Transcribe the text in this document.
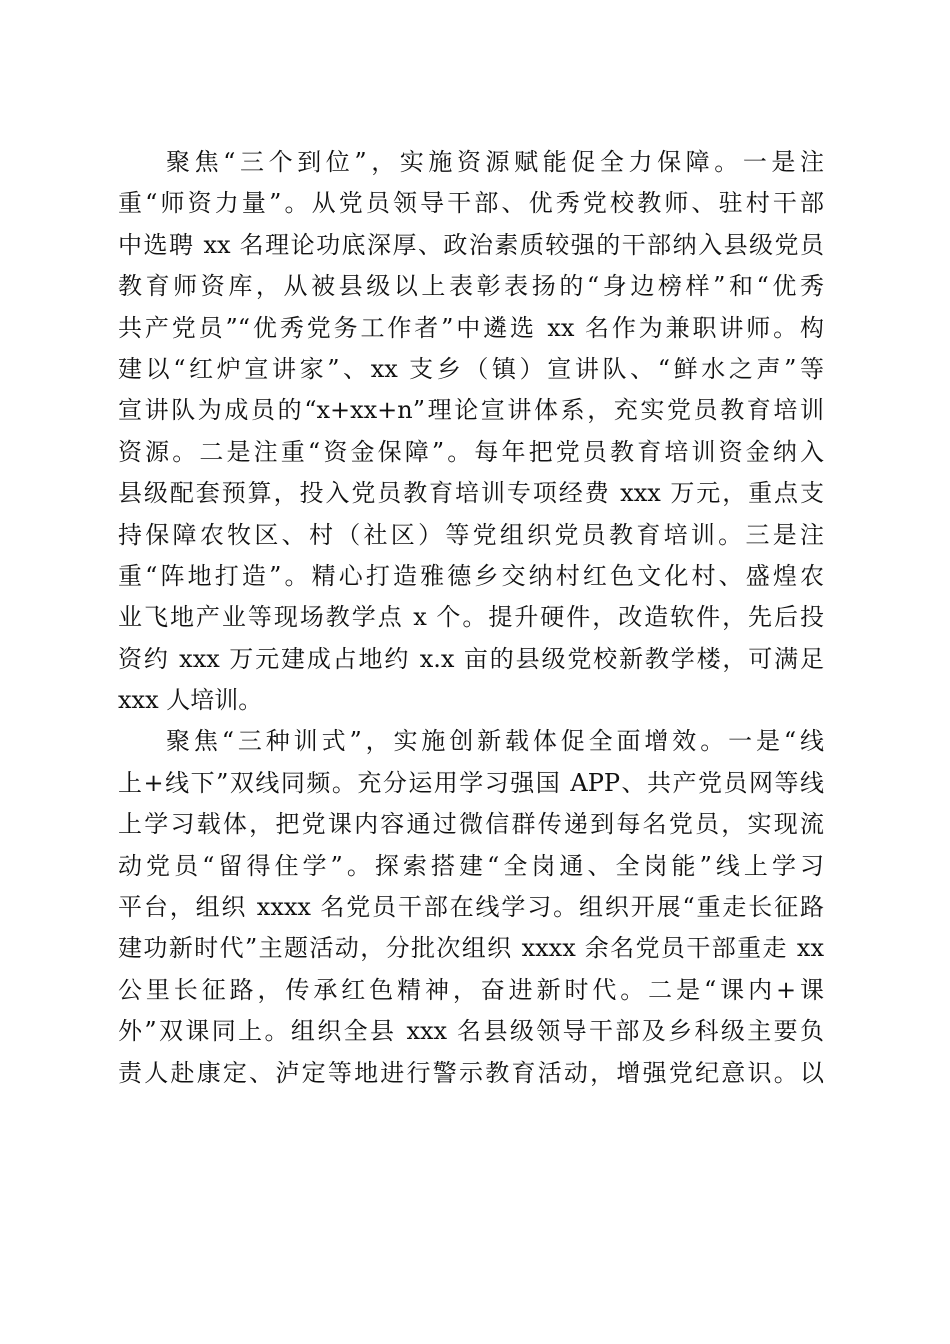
聚焦“三个到位”，实施资源赋能促全力保障。一是注
重“师资力量”。从党员领导干部、优秀党校教师、驻村干部
中选聘 xx 名理论功底深厚、政治素质较强的干部纳入县级党员
教育师资库，从被县级以上表彰表扬的“身边榜样”和“优秀
共产党员”“优秀党务工作者”中遴选 xx 名作为兼职讲师。构
建以“红炉宣讲家”、xx 支乡（镇）宣讲队、“鲜水之声”等
宣讲队为成员的“x+xx+n”理论宣讲体系，充实党员教育培训
资源。二是注重“资金保障”。每年把党员教育培训资金纳入
县级配套预算，投入党员教育培训专项经费 xxx 万元，重点支
持保障农牧区、村（社区）等党组织党员教育培训。三是注
重“阵地打造”。精心打造雅德乡交纳村红色文化村、盛煌农
业飞地产业等现场教学点 x 个。提升硬件，改造软件，先后投
资约 xxx 万元建成占地约 x.x 亩的县级党校新教学楼，可满足
xxx 人培训。
聚焦“三种训式”，实施创新载体促全面增效。一是“线
上+线下”双线同频。充分运用学习强国 APP、共产党员网等线
上学习载体，把党课内容通过微信群传递到每名党员，实现流
动党员“留得住学”。探索搭建“全岗通、全岗能”线上学习
平台，组织 xxxx 名党员干部在线学习。组织开展“重走长征路
建功新时代”主题活动，分批次组织 xxxx 余名党员干部重走 xx
公里长征路，传承红色精神，奋进新时代。二是“课内+课
外”双课同上。组织全县 xxx 名县级领导干部及乡科级主要负
责人赴康定、泸定等地进行警示教育活动，增强党纪意识。以
